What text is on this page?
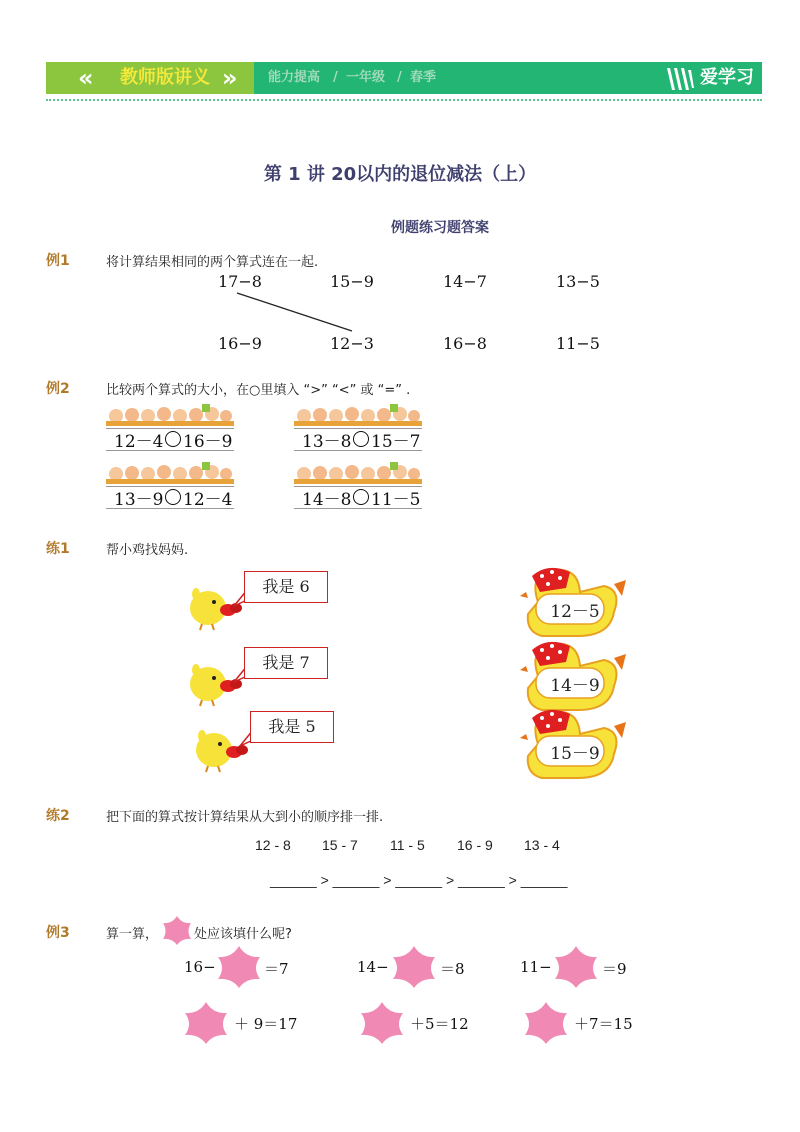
« 教师版讲义 » 能力提高 / 一年级 / 春季	爱学习
第 1 讲 20以内的退位减法（上）
例题练习题答案
例1	将计算结果相同的两个算式连在一起.
17−8	15−9	14−7	13−5
16−9	12−3	16−8	11−5
例2	比较两个算式的大小，在○里填入 “>” “<” 或 “=” .
12－4 16－9	13－8 15－7
13－9 12－4	14－8 11－5
练1	帮小鸡找妈妈.
我是 6
我是 7
我是 5
12－5
14－9
15－9
练2	把下面的算式按计算结果从大到小的顺序排一排.
12 - 8 15 - 7 11 - 5 16 - 9 13 - 4
______ > ______ > ______ > ______ > ______
例3	算一算，	处应该填什么呢?
16−	＝7	14−	＝8	11−	＝9
＋ 9＝17	＋5＝12	＋7＝15
